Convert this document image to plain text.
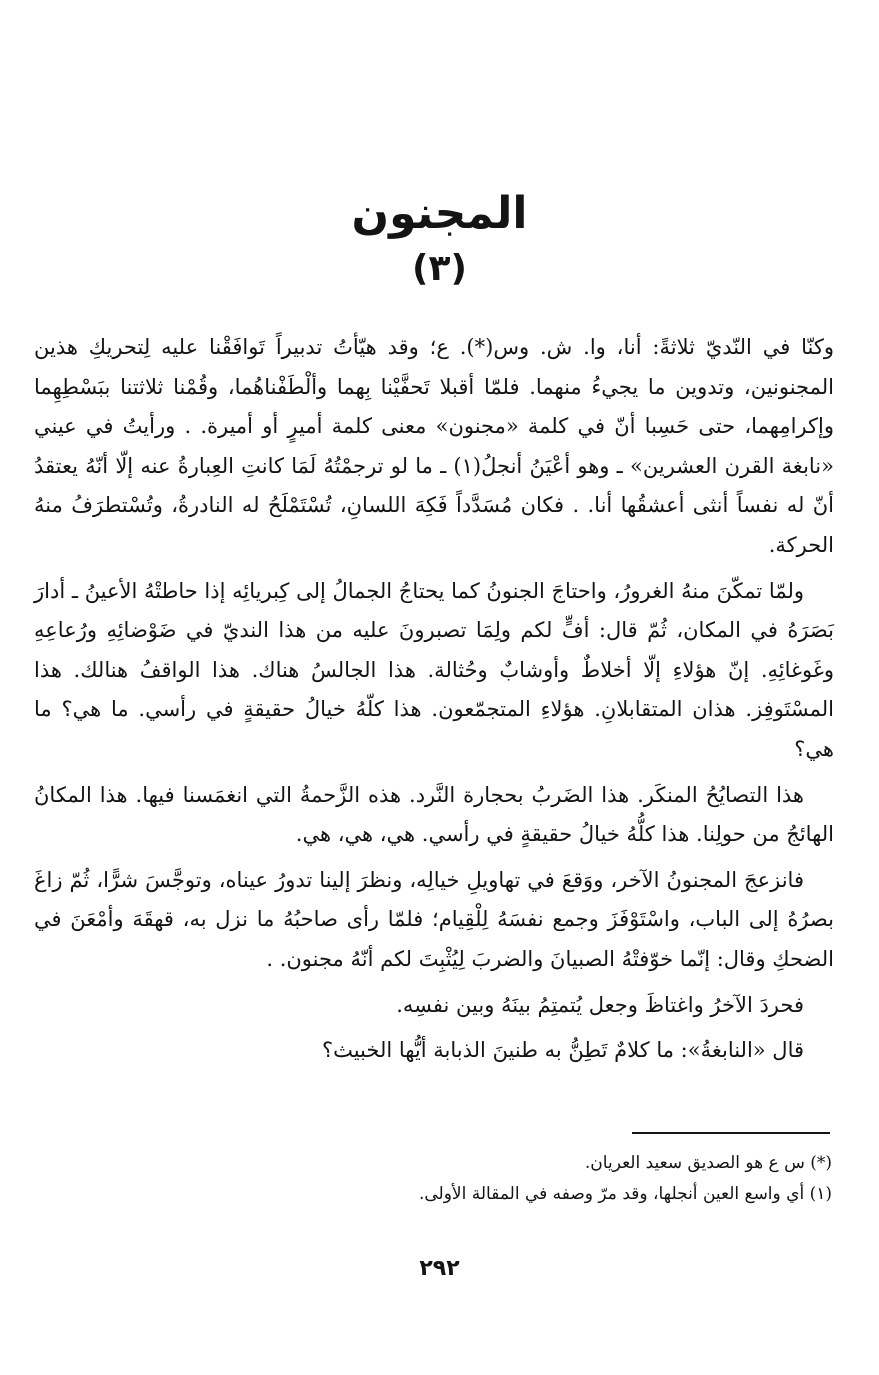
المجنون
(٣)

وكنّا في النّديّ ثلاثةً: أنا، وا. ش. وس(*). ع؛ وقد هيّأتُ تدبيراً تَوافَقْنا عليه لِتحريكِ هذين المجنونين، وتدوين ما يجيءُ منهما. فلمّا أقبلا تَحفَّيْنا بِهما وألْطَفْناهُما، وقُمْنا ثلاثتنا ببَسْطِهِما وإكرامِهما، حتى حَسِبا أنّ في كلمة «مجنون» معنى كلمة أميرٍ أو أميرة. . ورأيتُ في عيني «نابغة القرن العشرين» ـ وهو أعْيَنُ أنجلُ(١) ـ ما لو ترجمْتُهُ لَمَا كانتِ العِبارةُ عنه إلّا أنّهُ يعتقدُ أنّ له نفساً أنثى أعشقُها أنا. . فكان مُسَدَّداً فَكِهَ اللسانِ، تُسْتَمْلَحُ له النادرةُ، وتُسْتطرَفُ منهُ الحركة.

ولمّا تمكّنَ منهُ الغرورُ، واحتاجَ الجنونُ كما يحتاجُ الجمالُ إلى كِبريائِه إذا حاطتْهُ الأعينُ ـ أدارَ بَصَرَهُ في المكان، ثُمّ قال: أفٍّ لكم ولِمَا تصبرونَ عليه من هذا النديّ في ضَوْضائِهِ ورُعاعِهِ وغَوغائِهِ. إنّ هؤلاءِ إلّا أخلاطٌ وأوشابٌ وحُثالة. هذا الجالسُ هناك. هذا الواقفُ هنالك. هذا المسْتَوفِز. هذان المتقابلانِ. هؤلاءِ المتجمّعون. هذا كلّهُ خيالُ حقيقةٍ في رأسي. ما هي؟ ما هي؟

هذا التصايُحُ المنكَر. هذا الضَربُ بحجارة النَّرد. هذه الزَّحمةُ التي انغمَسنا فيها. هذا المكانُ الهائجُ من حولِنا. هذا كلُّهُ خيالُ حقيقةٍ في رأسي. هي، هي، هي.

فانزعجَ المجنونُ الآخر، ووَقعَ في تهاويلِ خيالِه، ونظرَ إلينا تدورُ عيناه، وتوجَّسَ شرًّا، ثُمّ زاغَ بصرُهُ إلى الباب، واسْتَوْفَزَ وجمع نفسَهُ لِلْقِيام؛ فلمّا رأى صاحبُهُ ما نزل به، قهقَهَ وأمْعَنَ في الضحكِ وقال: إنّما خوّفتْهُ الصبيانَ والضربَ لِيُثْبِتَ لكم أنّهُ مجنون. .

فحردَ الآخرُ واغتاظَ وجعل يُتمتِمُ بينَهُ وبين نفسِه.

قال «النابغةُ»: ما كلامٌ تَطِنُّ به طنينَ الذبابة أيُّها الخبيث؟

(*) س ع هو الصديق سعيد العريان.
(١) أي واسع العين أنجلها، وقد مرّ وصفه في المقالة الأولى.
٢٩٢
